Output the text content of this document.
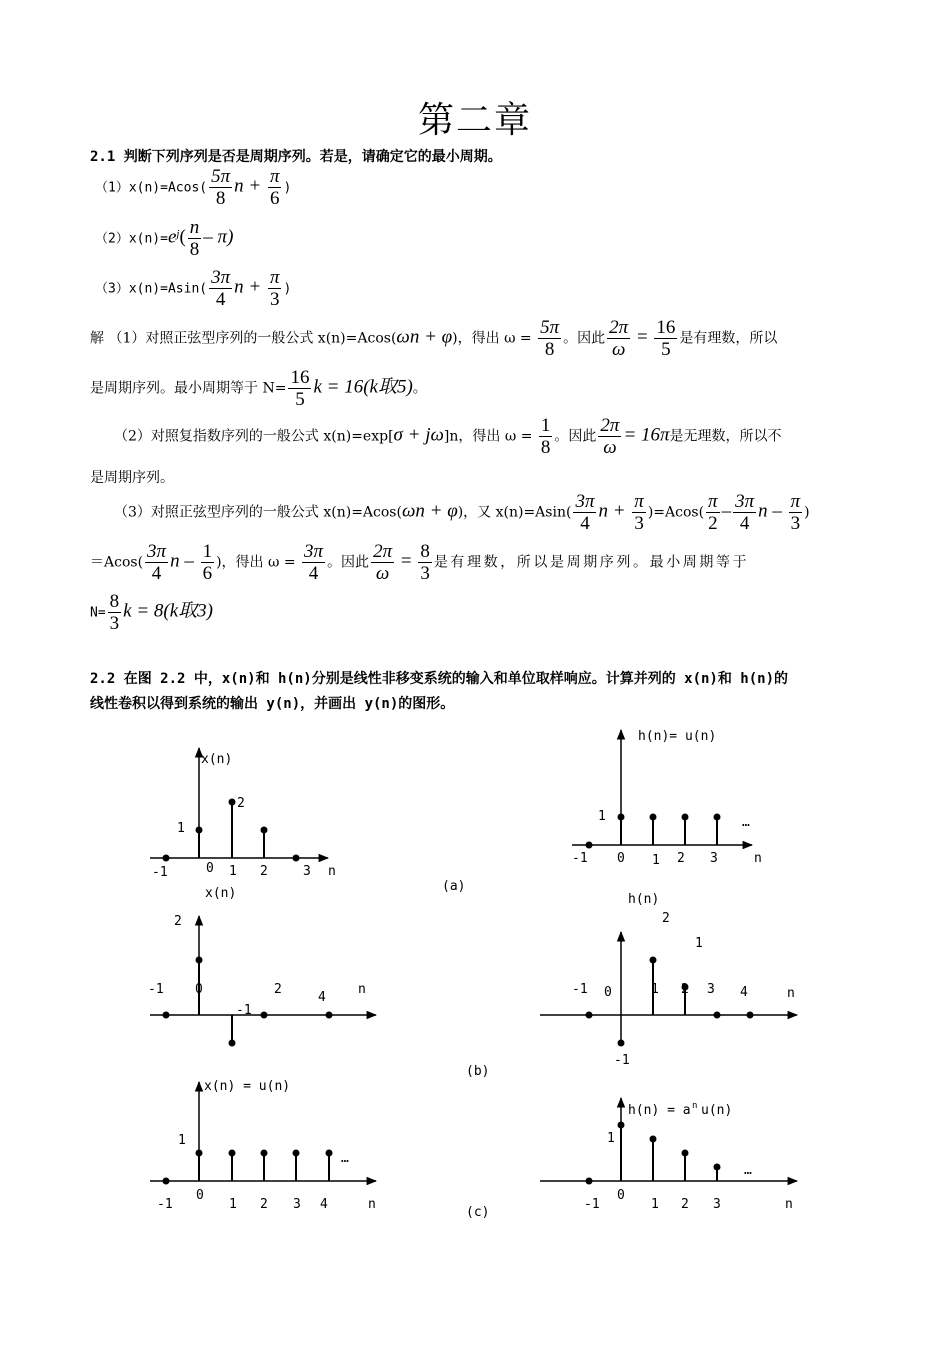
第二章
2.1 判断下列序列是否是周期序列。若是，请确定它的最小周期。
$(1)x(n)=Acos( \frac{5\pi}{8}$ $n + \frac{\pi}{6}$ )
$(2)x(n)=e^j( \frac{n}{8} - \pi)$
$(3)x(n)=Asin( \frac{3\pi}{4}$ $n + \frac{\pi}{3}$ )
解 （1）对照正弦型序列的一般公式 x(n)=Acos(ωn + φ)，得出 $\omega = \frac{5\pi}{8}$ 。因此 $\frac{2\pi}{\omega} = \frac{16}{5}$ 是有理数，所以
是周期序列。最小周期等于 $N= \frac{16}{5}$ k = 16(k取5)。
（2）对照复指数序列的一般公式 x(n)=exp[σ + jω]n，得出 $\omega = \frac{1}{8}$ 。因此 $\frac{2\pi}{\omega} = 16\pi$是无理数，所以不
是周期序列。
（3）对照正弦型序列的一般公式 x(n)=Acos(ωn + φ)，又 $x(n)=Asin( \frac{3\pi}{4}$ $n + \frac{\pi}{3} )=Acos( \frac{\pi}{2} - \frac{3\pi}{4}$ n – $\frac{\pi}{3}$ )
$=Acos( \frac{3\pi}{4}$ n – $\frac{1}{6}$ )，得出 $\omega = \frac{3\pi}{4}$ 。因此 $\frac{2\pi}{\omega} = \frac{8}{3}$ 是有理数，所以是周期序列。最小周期等于
$N= \frac{8}{3}$ k = 8(k取3)
2.2 在图 2.2 中，x(n)和 h(n)分别是线性非移变系统的输入和单位取样响应。计算并列的 x(n)和 h(n)的
线性卷积以得到系统的输出 y(n)，并画出 y(n)的图形。
x(n)
1
2
-1	0 1 2	3 n
h(n)= u(n)
1	…
-1 0 1 2 3	n
(a)
x(n)
2
-1 0
-1
2
4
n
h(n)
2
1
-1 0	1 2 3 4	n
-1
(b)
x(n) = u(n)
1
…
-1
0
1 2 3 4	n
h(n) = a n u(n)
1
…
-1
0
1 2 3	n
(c)
